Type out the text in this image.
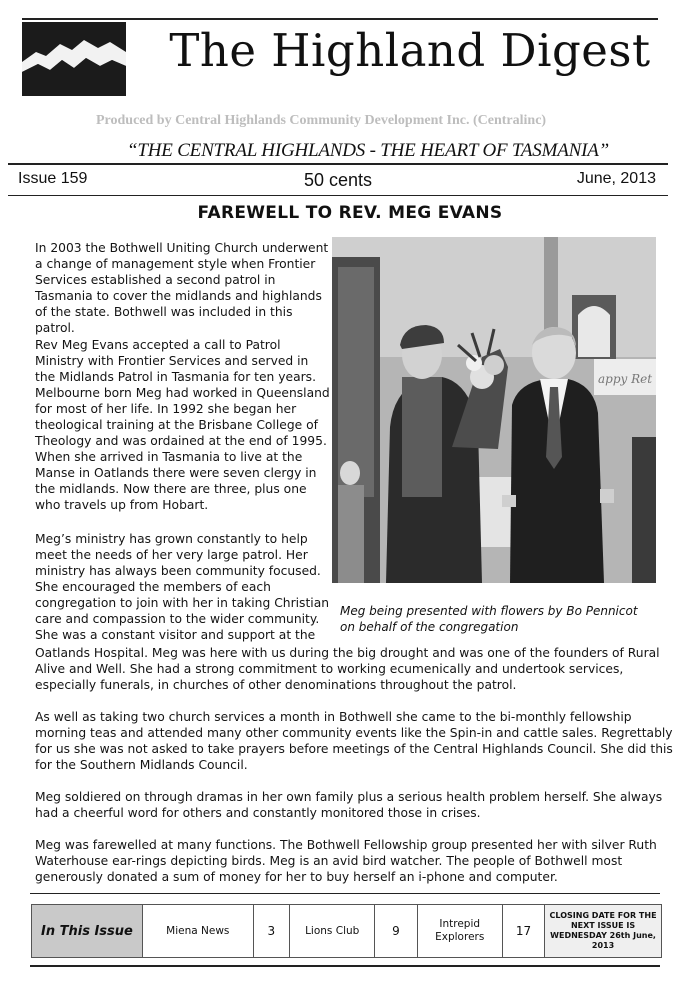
The Highland Digest
Produced by Central Highlands Community Development Inc. (Centralinc)
“THE CENTRAL HIGHLANDS - THE HEART OF TASMANIA”
Issue 159	50 cents	June, 2013
FAREWELL TO REV. MEG EVANS

In 2003 the Bothwell Uniting Church underwent a change of management style when Frontier Services established a second patrol in Tasmania to cover the midlands and highlands of the state. Bothwell was included in this patrol.

Rev Meg Evans accepted a call to Patrol Ministry with Frontier Services and served in the Midlands Patrol in Tasmania for ten years. Melbourne born Meg had worked in Queensland for most of her life. In 1992 she began her theological training at the Brisbane College of Theology and was ordained at the end of 1995. When she arrived in Tasmania to live at the Manse in Oatlands there were seven clergy in the midlands. Now there are three, plus one who travels up from Hobart.

Meg’s ministry has grown constantly to help meet the needs of her very large patrol. Her ministry has always been community focused. She encouraged the members of each congregation to join with her in taking Christian care and compassion to the wider community. She was a constant visitor and support at the

Oatlands Hospital. Meg was here with us during the big drought and was one of the founders of Rural Alive and Well. She had a strong commitment to working ecumenically and undertook services, especially funerals, in churches of other denominations throughout the patrol.

As well as taking two church services a month in Bothwell she came to the bi-monthly fellowship morning teas and attended many other community events like the Spin-in and cattle sales. Regrettably for us she was not asked to take prayers before meetings of the Central Highlands Council. She did this for the Southern Midlands Council.

Meg soldiered on through dramas in her own family plus a serious health problem herself. She always had a cheerful word for others and constantly monitored those in crises.

Meg was farewelled at many functions. The Bothwell Fellowship group presented her with silver Ruth Waterhouse ear-rings depicting birds. Meg is an avid bird watcher. The people of Bothwell most generously donated a sum of money for her to buy herself an i-phone and computer.

appy Ret
Meg being presented with flowers by Bo Pennicot on behalf of the congregation
In This Issue	Miena News	3	Lions Club	9	Intrepid Explorers	17
CLOSING DATE FOR THE NEXT ISSUE IS WEDNESDAY 26th June, 2013
